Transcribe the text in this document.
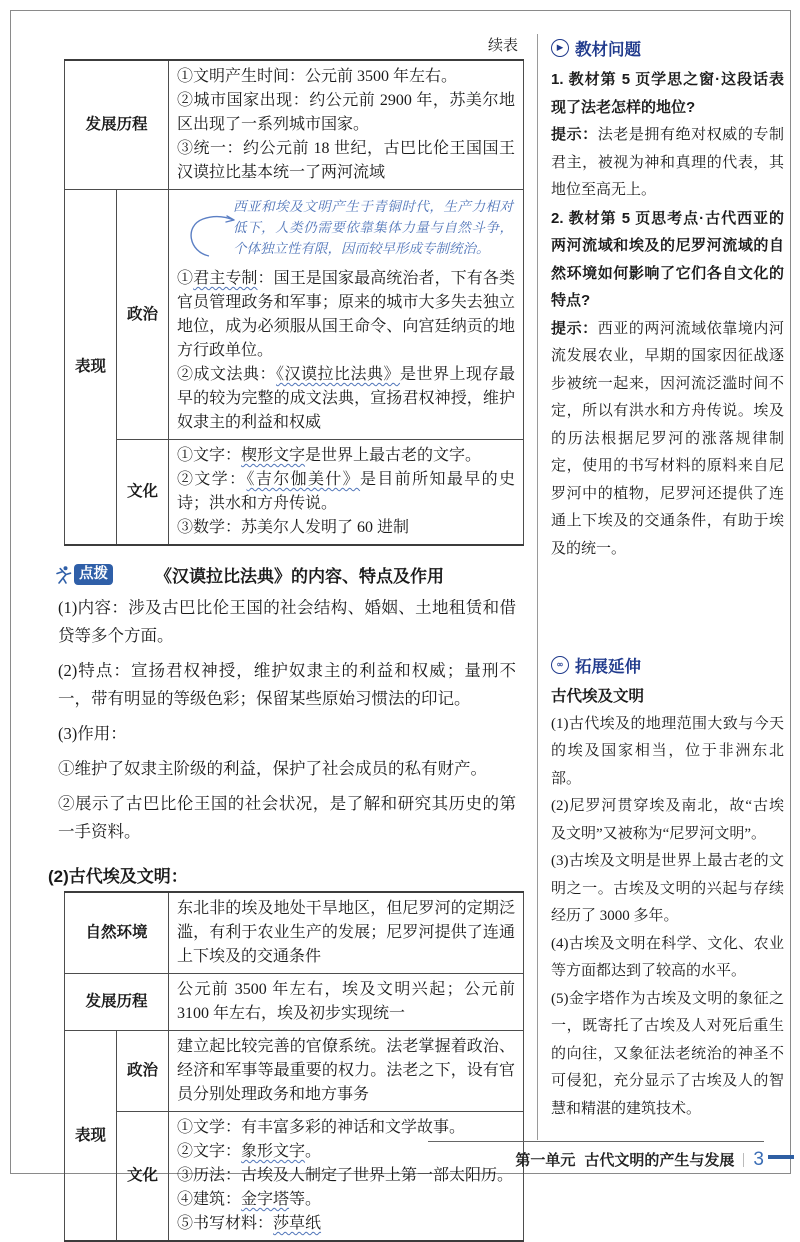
续表
发展历程		①文明产生时间：公元前 3500 年左右。
②城市国家出现：约公元前 2900 年，苏美尔地区出现了一系列城市国家。
③统一：约公元前 18 世纪，古巴比伦王国国王汉谟拉比基本统一了两河流域

表现	政治	西亚和埃及文明产生于青铜时代，生产力相对低下，人类仍需要依靠集体力量与自然斗争，个体独立性有限，因而较早形成专制统治。
①君主专制：国王是国家最高统治者，下有各类官员管理政务和军事；原来的城市大多失去独立地位，成为必须服从国王命令、向宫廷纳贡的地方行政单位。
②成文法典：《汉谟拉比法典》是世界上现存最早的较为完整的成文法典，宣扬君权神授，维护奴隶主的利益和权威

	文化	①文字：楔形文字是世界上最古老的文字。
②文学：《吉尔伽美什》是目前所知最早的史诗；洪水和方舟传说。
③数学：苏美尔人发明了 60 进制
点拨	《汉谟拉比法典》的内容、特点及作用

(1)内容：涉及古巴比伦王国的社会结构、婚姻、土地租赁和借贷等多个方面。

(2)特点：宣扬君权神授，维护奴隶主的利益和权威；量刑不一，带有明显的等级色彩；保留某些原始习惯法的印记。

(3)作用：

①维护了奴隶主阶级的利益，保护了社会成员的私有财产。

②展示了古巴比伦王国的社会状况，是了解和研究其历史的第一手资料。

(2)古代埃及文明：
自然环境		东北非的埃及地处干旱地区，但尼罗河的定期泛滥，有利于农业生产的发展；尼罗河提供了连通上下埃及的交通条件
发展历程		公元前 3500 年左右，埃及文明兴起；公元前 3100 年左右，埃及初步实现统一
表现	政治	建立起比较完善的官僚系统。法老掌握着政治、经济和军事等最重要的权力。法老之下，设有官员分别处理政务和地方事务
	文化	①文学：有丰富多彩的神话和文学故事。
②文字：象形文字。
③历法：古埃及人制定了世界上第一部太阳历。
④建筑：金字塔等。
⑤书写材料：莎草纸
▶ 教材问题
1. 教材第 5 页学思之窗·这段话表现了法老怎样的地位?
提示：法老是拥有绝对权威的专制君主，被视为神和真理的代表，其地位至高无上。
2. 教材第 5 页思考点·古代西亚的两河流域和埃及的尼罗河流域的自然环境如何影响了它们各自文化的特点?
提示：西亚的两河流域依靠境内河流发展农业，早期的国家因征战逐步被统一起来，因河流泛滥时间不定，所以有洪水和方舟传说。埃及的历法根据尼罗河的涨落规律制定，使用的书写材料的原料来自尼罗河中的植物，尼罗河还提供了连通上下埃及的交通条件，有助于埃及的统一。
∞ 拓展延伸
古代埃及文明
(1)古代埃及的地理范围大致与今天的埃及国家相当，位于非洲东北部。
(2)尼罗河贯穿埃及南北，故“古埃及文明”又被称为“尼罗河文明”。
(3)古埃及文明是世界上最古老的文明之一。古埃及文明的兴起与存续经历了 3000 多年。
(4)古埃及文明在科学、文化、农业等方面都达到了较高的水平。
(5)金字塔作为古埃及文明的象征之一，既寄托了古埃及人对死后重生的向往，又象征法老统治的神圣不可侵犯，充分显示了古埃及人的智慧和精湛的建筑技术。
第一单元 古代文明的产生与发展 3
